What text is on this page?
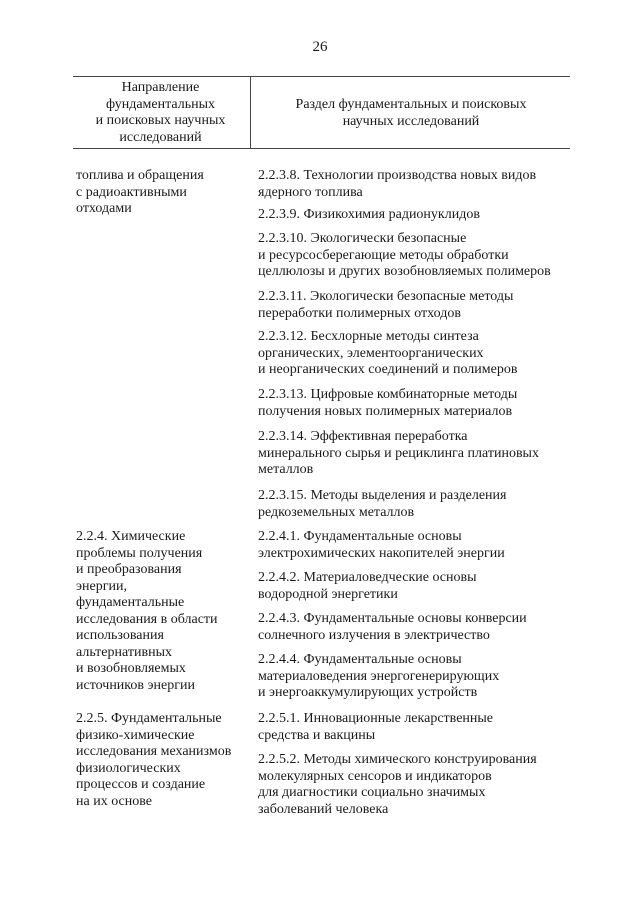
26
Направление
фундаментальных
и поисковых научных
исследований
Раздел фундаментальных и поисковых
научных исследований
топлива и обращения
с радиоактивными
отходами
2.2.4. Химические
проблемы получения
и преобразования
энергии,
фундаментальные
исследования в области
использования
альтернативных
и возобновляемых
источников энергии
2.2.5. Фундаментальные
физико-химические
исследования механизмов
физиологических
процессов и создание
на их основе
2.2.3.8. Технологии производства новых видов
ядерного топлива
2.2.3.9. Физикохимия радионуклидов
2.2.3.10. Экологически безопасные
и ресурсосберегающие методы обработки
целлюлозы и других возобновляемых полимеров
2.2.3.11. Экологически безопасные методы
переработки полимерных отходов
2.2.3.12. Бесхлорные методы синтеза
органических, элементоорганических
и неорганических соединений и полимеров
2.2.3.13. Цифровые комбинаторные методы
получения новых полимерных материалов
2.2.3.14. Эффективная переработка
минерального сырья и рециклинга платиновых
металлов
2.2.3.15. Методы выделения и разделения
редкоземельных металлов
2.2.4.1. Фундаментальные основы
электрохимических накопителей энергии
2.2.4.2. Материаловедческие основы
водородной энергетики
2.2.4.3. Фундаментальные основы конверсии
солнечного излучения в электричество
2.2.4.4. Фундаментальные основы
материаловедения энергогенерирующих
и энергоаккумулирующих устройств
2.2.5.1. Инновационные лекарственные
средства и вакцины
2.2.5.2. Методы химического конструирования
молекулярных сенсоров и индикаторов
для диагностики социально значимых
заболеваний человека
